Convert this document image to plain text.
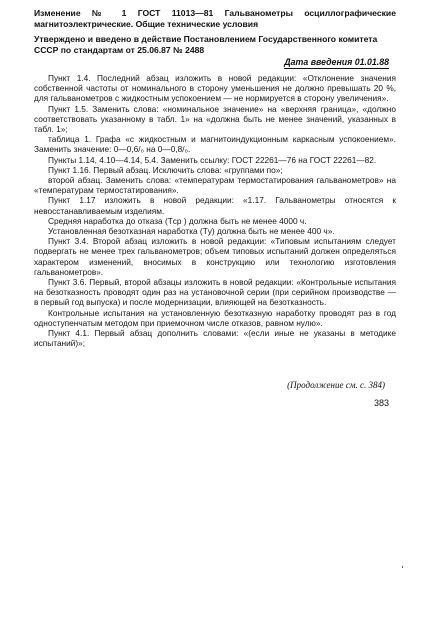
Изменение № 1 ГОСТ 11013—81 Гальванометры осциллографические магнитоэлектрические. Общие технические условия
Утверждено и введено в действие Постановлением Государственного комитета СССР по стандартам от 25.06.87 № 2488
Дата введения 01.01.88

Пункт 1.4. Последний абзац изложить в новой редакции: «Отклонение значения собственной частоты от номинального в сторону уменьшения не должно превышать 20 %, для гальванометров с жидкостным успокоением — не нормируется в сторону увеличения».

Пункт 1.5. Заменить слова: «номинальное значение» на «верхняя граница», «должно соответствовать указанному в табл. 1» на «должна быть не менее значений, указанных в табл. 1»;

таблица 1. Графа «с жидкостным и магнитоиндукционным каркасным успокоением». Заменить значение: 0—0,6/₀ на 0—0,8/₀.

Пункты 1.14, 4.10—4.14, 5.4. Заменить ссылку: ГОСТ 22261—76 на ГОСТ 22261—82.

Пункт 1.16. Первый абзац. Исключить слова: «группами по»;

второй абзац. Заменить слова: «температурам термостатирования гальванометров» на «температурам термостатирования».

Пункт 1.17 изложить в новой редакции: «1.17. Гальванометры относятся к невосстанавливаемым изделиям.

Средняя наработка до отказа (Tср ) должна быть не менее 4000 ч.

Установленная безотказная наработка (Tу) должна быть не менее 400 ч».

Пункт 3.4. Второй абзац изложить в новой редакции: «Типовым испытаниям следует подвергать не менее трех гальванометров; объем типовых испытаний должен определяться характером изменений, вносимых в конструкцию или технологию изготовления гальванометров».

Пункт 3.6. Первый, второй абзацы изложить в новой редакции: «Контрольные испытания на безотказность проводят один раз на установочной серии (при серийном производстве — в первый год выпуска) и после модернизации, влияющей на безотказность.

Контрольные испытания на установленную безотказную наработку проводят раз в год одноступенчатым методом при приемочном числе отказов, равном нулю».

Пункт 4.1. Первый абзац дополнить словами: «(если иные не указаны в методике испытаний)»;

(Продолжение см. с. 384)
383
